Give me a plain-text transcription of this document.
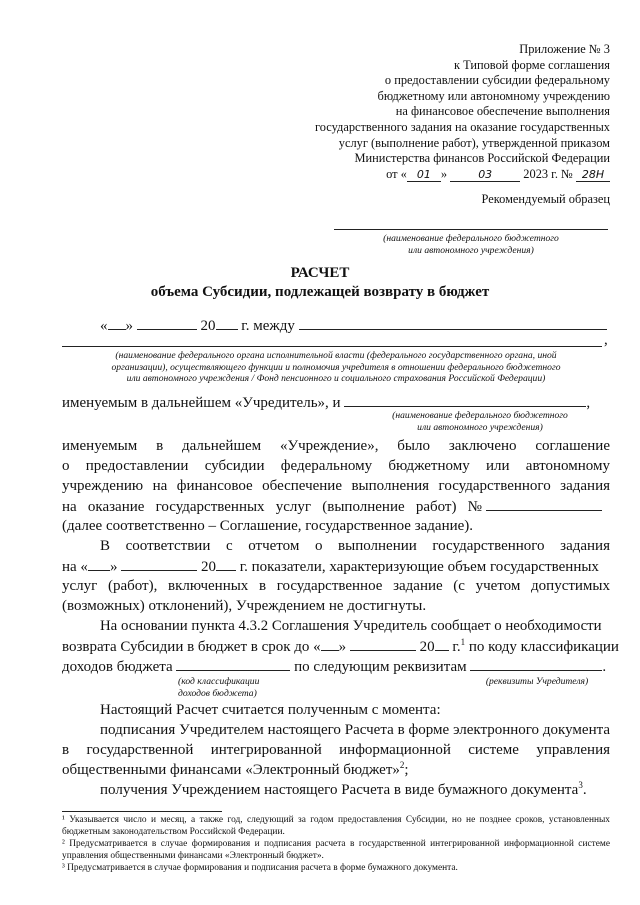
Приложение № 3
к Типовой форме соглашения
о предоставлении субсидии федеральному
бюджетному или автономному учреждению
на финансовое обеспечение выполнения
государственного задания на оказание государственных
услуг (выполнение работ), утвержденной приказом
Министерства финансов Российской Федерации
от « 01 »	03	2023 г. № 28Н
Рекомендуемый образец
(наименование федерального бюджетного
или автономного учреждения)
РАСЧЕТ
объема Субсидии, подлежащей возврату в бюджет
« »	20 г. между
,
(наименование федерального органа исполнительной власти (федерального государственного органа, иной
организации), осуществляющего функции и полномочия учредителя в отношении федерального бюджетного
или автономного учреждения / Фонд пенсионного и социального страхования Российской Федерации)
именуемым в дальнейшем «Учредитель», и	,
(наименование федерального бюджетного
или автономного учреждения)
именуемым в дальнейшем «Учреждение», было заключено соглашение
о предоставлении субсидии федеральному бюджетному или автономному
учреждению на финансовое обеспечение выполнения государственного задания
на оказание государственных услуг (выполнение работ) №
(далее соответственно – Соглашение, государственное задание).
В соответствии с отчетом о выполнении государственного задания
на « »	20 г. показатели, характеризующие объем государственных
услуг (работ), включенных в государственное задание (с учетом допустимых
(возможных) отклонений), Учреждением не достигнуты.
На основании пункта 4.3.2 Соглашения Учредитель сообщает о необходимости
возврата Субсидии в бюджет в срок до « »	20 г.$^1$ по коду классификации
доходов бюджета	по следующим реквизитам	.
(код классификации
доходов бюджета)
(реквизиты Учредителя)
Настоящий Расчет считается полученным с момента:
подписания Учредителем настоящего Расчета в форме электронного документа
в государственной интегрированной информационной системе управления
общественными финансами «Электронный бюджет»$^2$;
получения Учреждением настоящего Расчета в виде бумажного документа$^3$.
¹ Указывается число и месяц, а также год, следующий за годом предоставления Субсидии, но не позднее сроков, установленных бюджетным законодательством Российской Федерации.
² Предусматривается в случае формирования и подписания расчета в государственной интегрированной информационной системе управления общественными финансами «Электронный бюджет».
³ Предусматривается в случае формирования и подписания расчета в форме бумажного документа.
